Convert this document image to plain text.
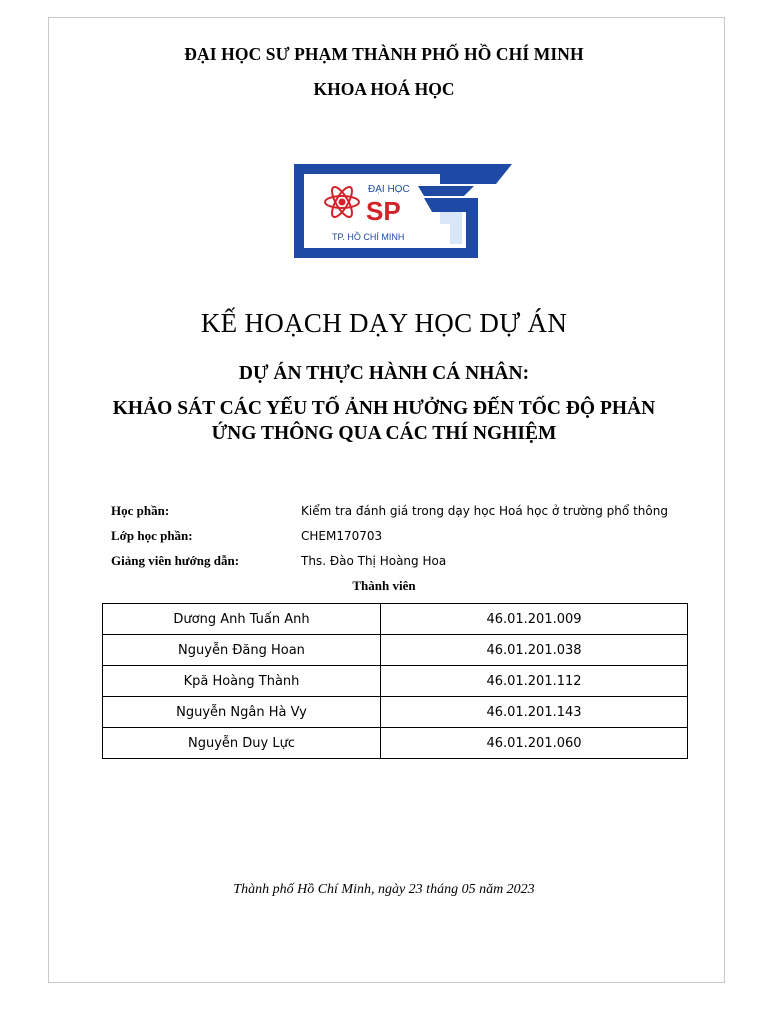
ĐẠI HỌC SƯ PHẠM THÀNH PHỐ HỒ CHÍ MINH
KHOA HOÁ HỌC
ĐẠI HỌC
SP
TP. HỒ CHÍ MINH
KẾ HOẠCH DẠY HỌC DỰ ÁN
DỰ ÁN THỰC HÀNH CÁ NHÂN:
KHẢO SÁT CÁC YẾU TỐ ẢNH HƯỞNG ĐẾN TỐC ĐỘ PHẢN
ỨNG THÔNG QUA CÁC THÍ NGHIỆM
Học phần:	Kiểm tra đánh giá trong dạy học Hoá học ở trường phổ thông
Lớp học phần:	CHEM170703
Giảng viên hướng dẫn:	Ths. Đào Thị Hoàng Hoa
Thành viên
Dương Anh Tuấn Anh	46.01.201.009
Nguyễn Đăng Hoan	46.01.201.038
Kpă Hoàng Thành	46.01.201.112
Nguyễn Ngân Hà Vy	46.01.201.143
Nguyễn Duy Lực	46.01.201.060
Thành phố Hồ Chí Minh, ngày 23 tháng 05 năm 2023
